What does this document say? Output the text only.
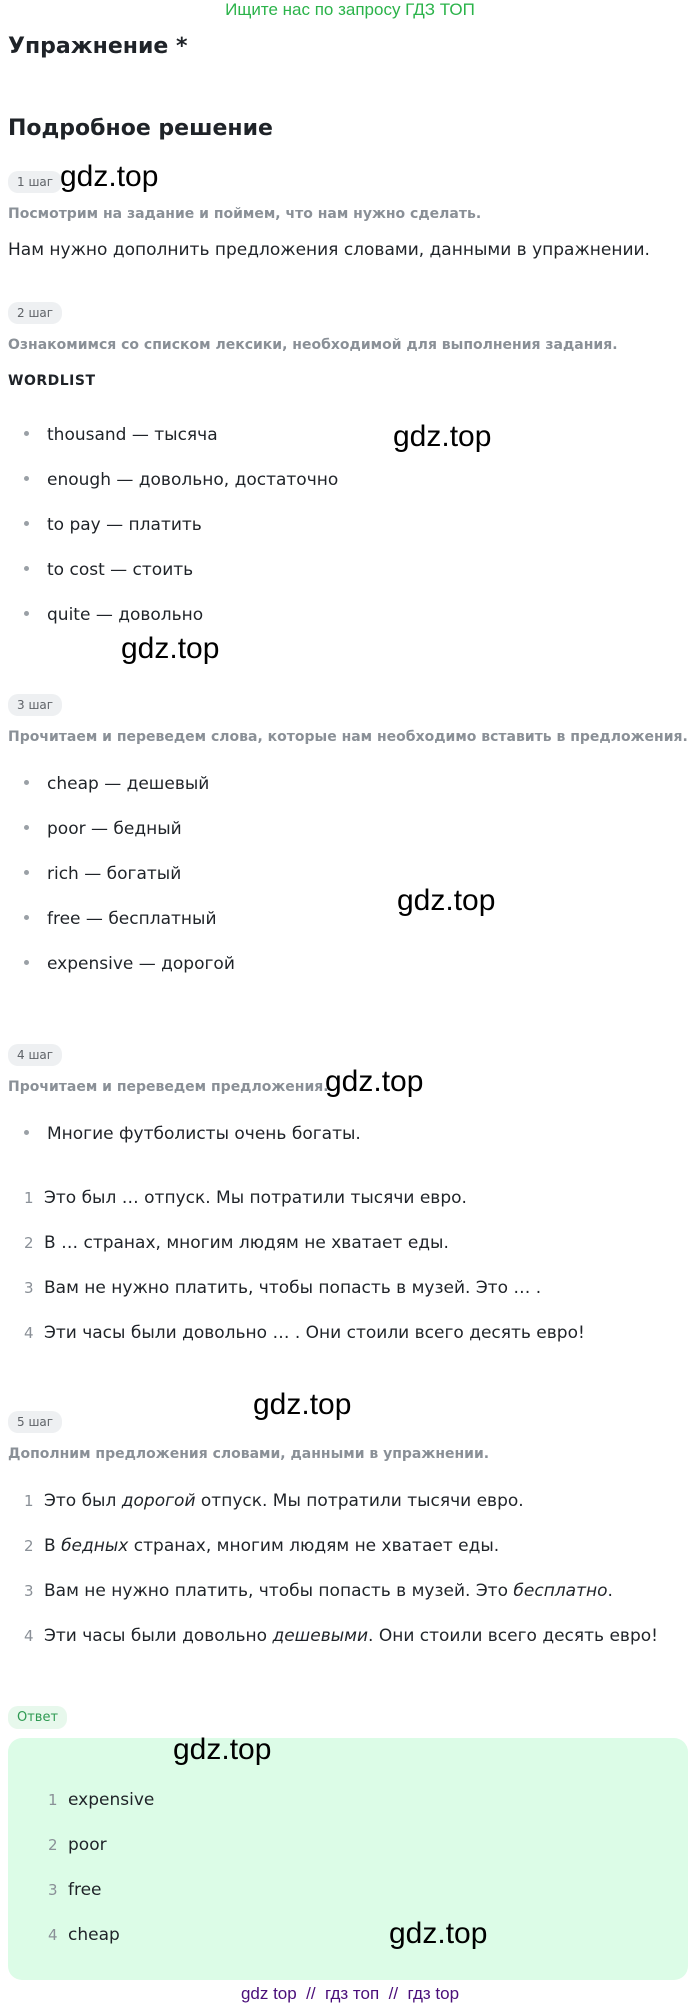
Ищите нас по запросу ГДЗ ТОП
Упражнение *
Подробное решение
1 шаг gdz.top
Посмотрим на задание и поймем, что нам нужно сделать.
Нам нужно дополнить предложения словами, данными в упражнении.
2 шаг
Ознакомимся со списком лексики, необходимой для выполнения задания.
WORDLIST
thousand — тысяча
enough — довольно, достаточно
to pay — платить
to cost — стоить
quite — довольно
gdz.top
gdz.top
3 шаг
Прочитаем и переведем слова, которые нам необходимо вставить в предложения.
cheap — дешевый
poor — бедный
rich — богатый
free — бесплатный
expensive — дорогой
gdz.top
4 шаг
Прочитаем и переведем предложения.
gdz.top
Многие футболисты очень богаты.
1 Это был … отпуск. Мы потратили тысячи евро.
2 В … странах, многим людям не хватает еды.
3 Вам не нужно платить, чтобы попасть в музей. Это … .
4 Эти часы были довольно … . Они стоили всего десять евро!
gdz.top
5 шаг
Дополним предложения словами, данными в упражнении.
1 Это был дорогой отпуск. Мы потратили тысячи евро.
2 В бедных странах, многим людям не хватает еды.
3 Вам не нужно платить, чтобы попасть в музей. Это бесплатно.
4 Эти часы были довольно дешевыми. Они стоили всего десять евро!
Ответ
gdz.top
1 expensive
2 poor
3 free
4 cheap	gdz.top
gdz top  //  гдз топ  //  гдз top
